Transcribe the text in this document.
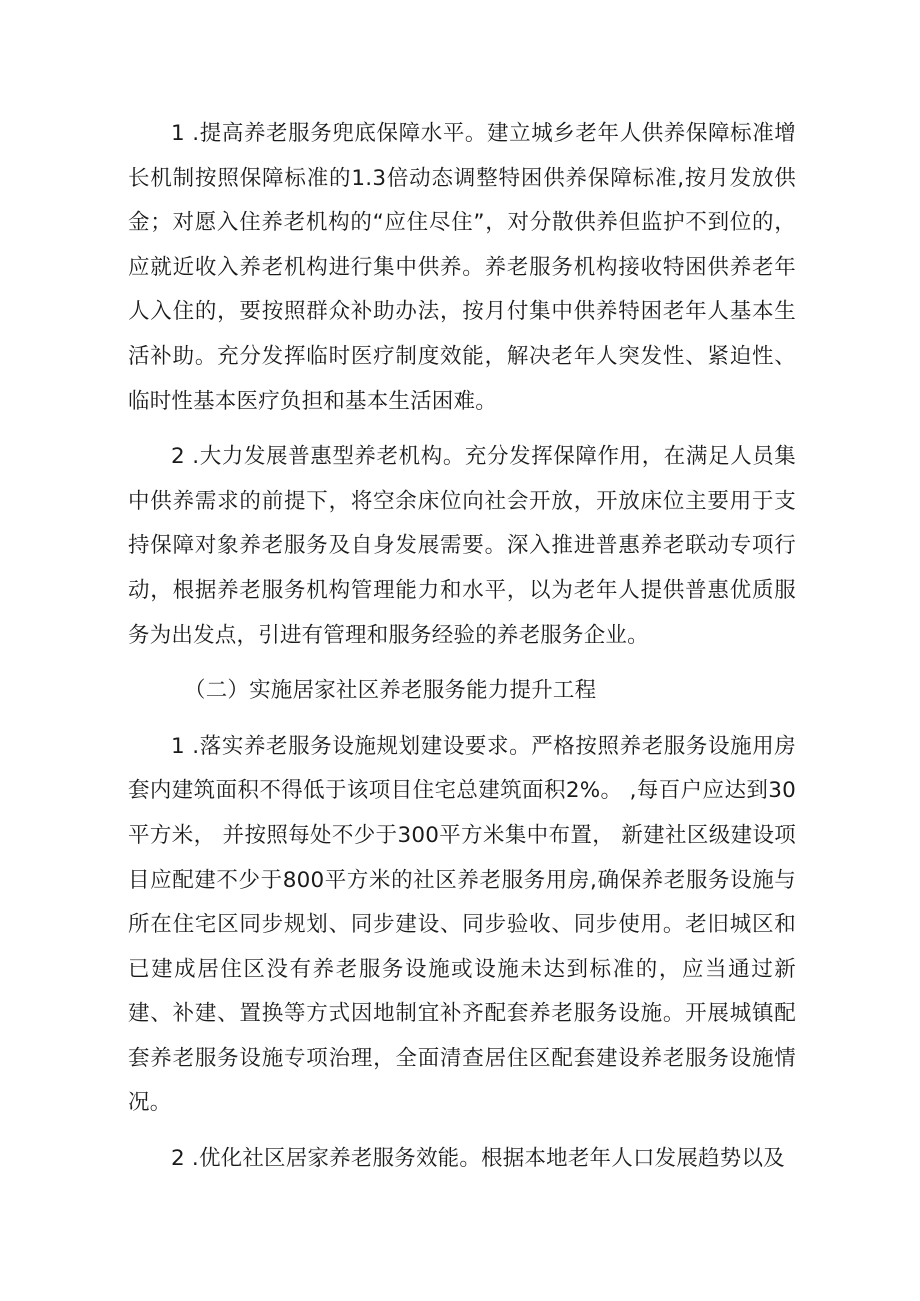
1 .提高养老服务兜底保障水平。建立城乡老年人供养保障标准增长机制按照保障标准的1.3倍动态调整特困供养保障标准,按月发放供金；对愿入住养老机构的“应住尽住”，对分散供养但监护不到位的，应就近收入养老机构进行集中供养。养老服务机构接收特困供养老年人入住的，要按照群众补助办法，按月付集中供养特困老年人基本生活补助。充分发挥临时医疗制度效能，解决老年人突发性、紧迫性、临时性基本医疗负担和基本生活困难。

2 .大力发展普惠型养老机构。充分发挥保障作用，在满足人员集中供养需求的前提下，将空余床位向社会开放，开放床位主要用于支持保障对象养老服务及自身发展需要。深入推进普惠养老联动专项行动，根据养老服务机构管理能力和水平，以为老年人提供普惠优质服务为出发点，引进有管理和服务经验的养老服务企业。

（二）实施居家社区养老服务能力提升工程

1 .落实养老服务设施规划建设要求。严格按照养老服务设施用房套内建筑面积不得低于该项目住宅总建筑面积2%。 ,每百户应达到30平方米， 并按照每处不少于300平方米集中布置， 新建社区级建设项目应配建不少于800平方米的社区养老服务用房,确保养老服务设施与所在住宅区同步规划、同步建设、同步验收、同步使用。老旧城区和已建成居住区没有养老服务设施或设施未达到标准的，应当通过新建、补建、置换等方式因地制宜补齐配套养老服务设施。开展城镇配套养老服务设施专项治理，全面清查居住区配套建设养老服务设施情况。

2 .优化社区居家养老服务效能。根据本地老年人口发展趋势以及
